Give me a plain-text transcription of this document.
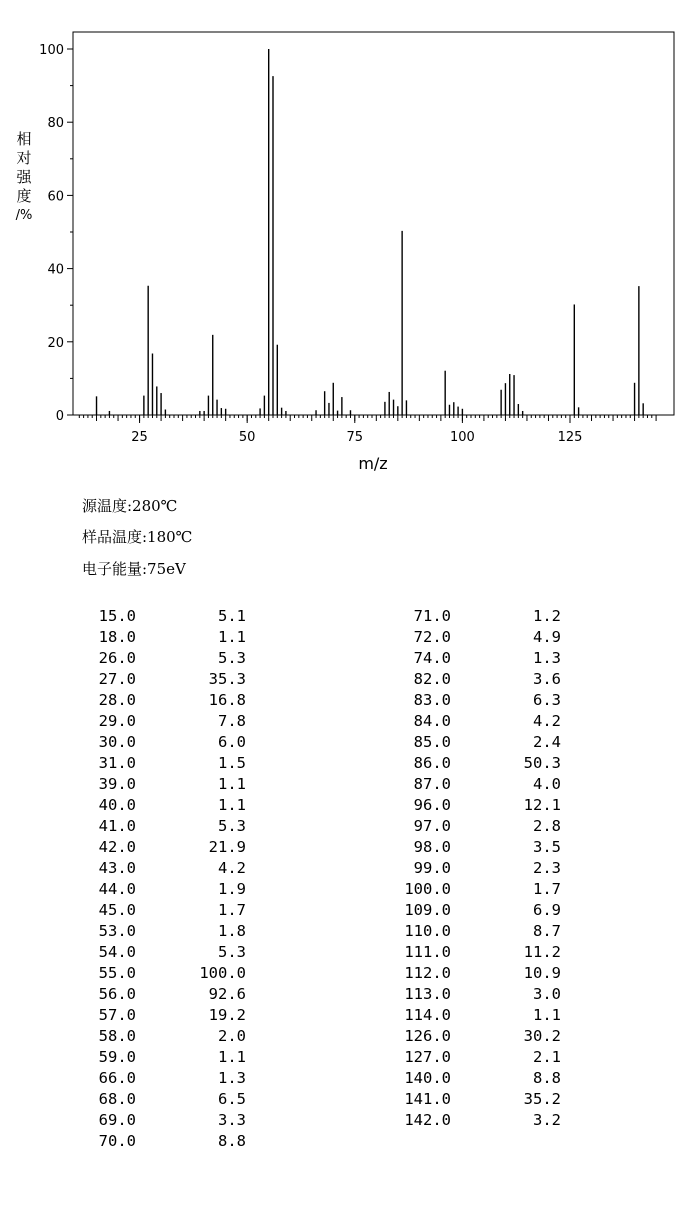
0
20
40
60
80
100
25	50	75	100	125
m/z
相
对
强
度
/%
源温度:280℃
样品温度:180℃
电子能量:75eV
15.0	5.1
18.0	1.1
26.0	5.3
27.0	35.3
28.0	16.8
29.0	7.8
30.0	6.0
31.0	1.5
39.0	1.1
40.0	1.1
41.0	5.3
42.0	21.9
43.0	4.2
44.0	1.9
45.0	1.7
53.0	1.8
54.0	5.3
55.0	100.0
56.0	92.6
57.0	19.2
58.0	2.0
59.0	1.1
66.0	1.3
68.0	6.5
69.0	3.3
70.0	8.8
71.0	1.2
72.0	4.9
74.0	1.3
82.0	3.6
83.0	6.3
84.0	4.2
85.0	2.4
86.0	50.3
87.0	4.0
96.0	12.1
97.0	2.8
98.0	3.5
99.0	2.3
100.0	1.7
109.0	6.9
110.0	8.7
111.0	11.2
112.0	10.9
113.0	3.0
114.0	1.1
126.0	30.2
127.0	2.1
140.0	8.8
141.0	35.2
142.0	3.2
